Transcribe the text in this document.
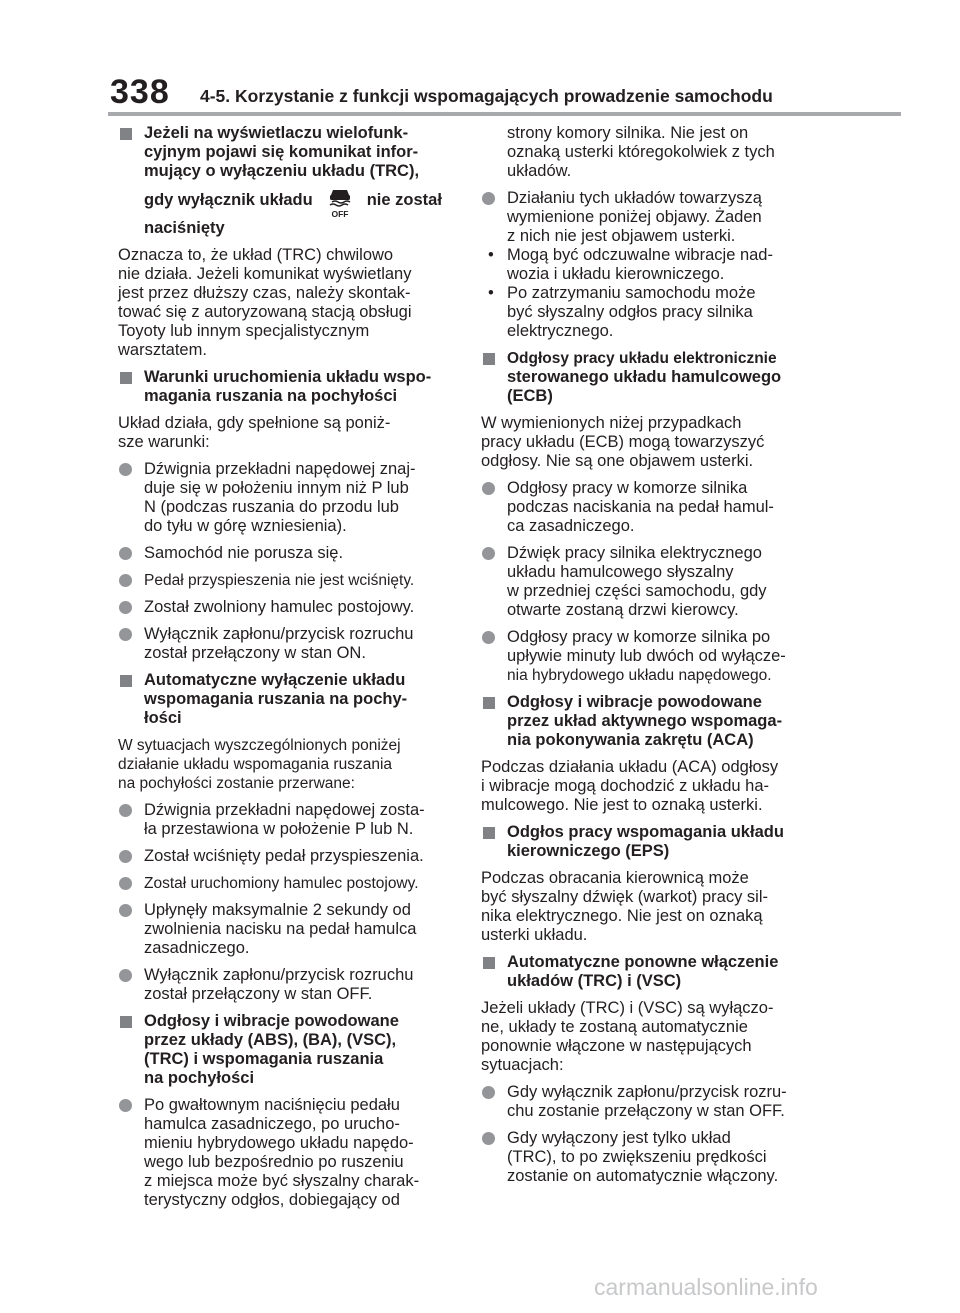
338 4-5. Korzystanie z funkcji wspomagających prowadzenie samochodu
Jeżeli na wyświetlaczu wielofunk-
cyjnym pojawi się komunikat infor-
mujący o wyłączeniu układu (TRC),
gdy wyłącznik układu
OFF
nie został
naciśnięty
Oznacza to, że układ (TRC) chwilowo
nie działa. Jeżeli komunikat wyświetlany
jest przez dłuższy czas, należy skontak-
tować się z autoryzowaną stacją obsługi
Toyoty lub innym specjalistycznym
warsztatem.
Warunki uruchomienia układu wspo-
magania ruszania na pochyłości
Układ działa, gdy spełnione są poniż-
sze warunki:
Dźwignia przekładni napędowej znaj-
duje się w położeniu innym niż P lub
N (podczas ruszania do przodu lub
do tyłu w górę wzniesienia).
Samochód nie porusza się.
Pedał przyspieszenia nie jest wciśnięty.
Został zwolniony hamulec postojowy.
Wyłącznik zapłonu/przycisk rozruchu
został przełączony w stan ON.
Automatyczne wyłączenie układu
wspomagania ruszania na pochy-
łości
W sytuacjach wyszczególnionych poniżej
działanie układu wspomagania ruszania
na pochyłości zostanie przerwane:
Dźwignia przekładni napędowej zosta-
ła przestawiona w położenie P lub N.
Został wciśnięty pedał przyspieszenia.
Został uruchomiony hamulec postojowy.
Upłynęły maksymalnie 2 sekundy od
zwolnienia nacisku na pedał hamulca
zasadniczego.
Wyłącznik zapłonu/przycisk rozruchu
został przełączony w stan OFF.
Odgłosy i wibracje powodowane
przez układy (ABS), (BA), (VSC),
(TRC) i wspomagania ruszania
na pochyłości
Po gwałtownym naciśnięciu pedału
hamulca zasadniczego, po urucho-
mieniu hybrydowego układu napędo-
wego lub bezpośrednio po ruszeniu
z miejsca może być słyszalny charak-
terystyczny odgłos, dobiegający od
strony komory silnika. Nie jest on
oznaką usterki któregokolwiek z tych
układów.
Działaniu tych układów towarzyszą
wymienione poniżej objawy. Żaden
z nich nie jest objawem usterki.
• Mogą być odczuwalne wibracje nad-
wozia i układu kierowniczego.
• Po zatrzymaniu samochodu może
być słyszalny odgłos pracy silnika
elektrycznego.
Odgłosy pracy układu elektronicznie
sterowanego układu hamulcowego
(ECB)
W wymienionych niżej przypadkach
pracy układu (ECB) mogą towarzyszyć
odgłosy. Nie są one objawem usterki.
Odgłosy pracy w komorze silnika
podczas naciskania na pedał hamul-
ca zasadniczego.
Dźwięk pracy silnika elektrycznego
układu hamulcowego słyszalny
w przedniej części samochodu, gdy
otwarte zostaną drzwi kierowcy.
Odgłosy pracy w komorze silnika po
upływie minuty lub dwóch od wyłącze-
nia hybrydowego układu napędowego.
Odgłosy i wibracje powodowane
przez układ aktywnego wspomaga-
nia pokonywania zakrętu (ACA)
Podczas działania układu (ACA) odgłosy
i wibracje mogą dochodzić z układu ha-
mulcowego. Nie jest to oznaką usterki.
Odgłos pracy wspomagania układu
kierowniczego (EPS)
Podczas obracania kierownicą może
być słyszalny dźwięk (warkot) pracy sil-
nika elektrycznego. Nie jest on oznaką
usterki układu.
Automatyczne ponowne włączenie
układów (TRC) i (VSC)
Jeżeli układy (TRC) i (VSC) są wyłączo-
ne, układy te zostaną automatycznie
ponownie włączone w następujących
sytuacjach:
Gdy wyłącznik zapłonu/przycisk rozru-
chu zostanie przełączony w stan OFF.
Gdy wyłączony jest tylko układ
(TRC), to po zwiększeniu prędkości
zostanie on automatycznie włączony.
carmanualsonline.info
